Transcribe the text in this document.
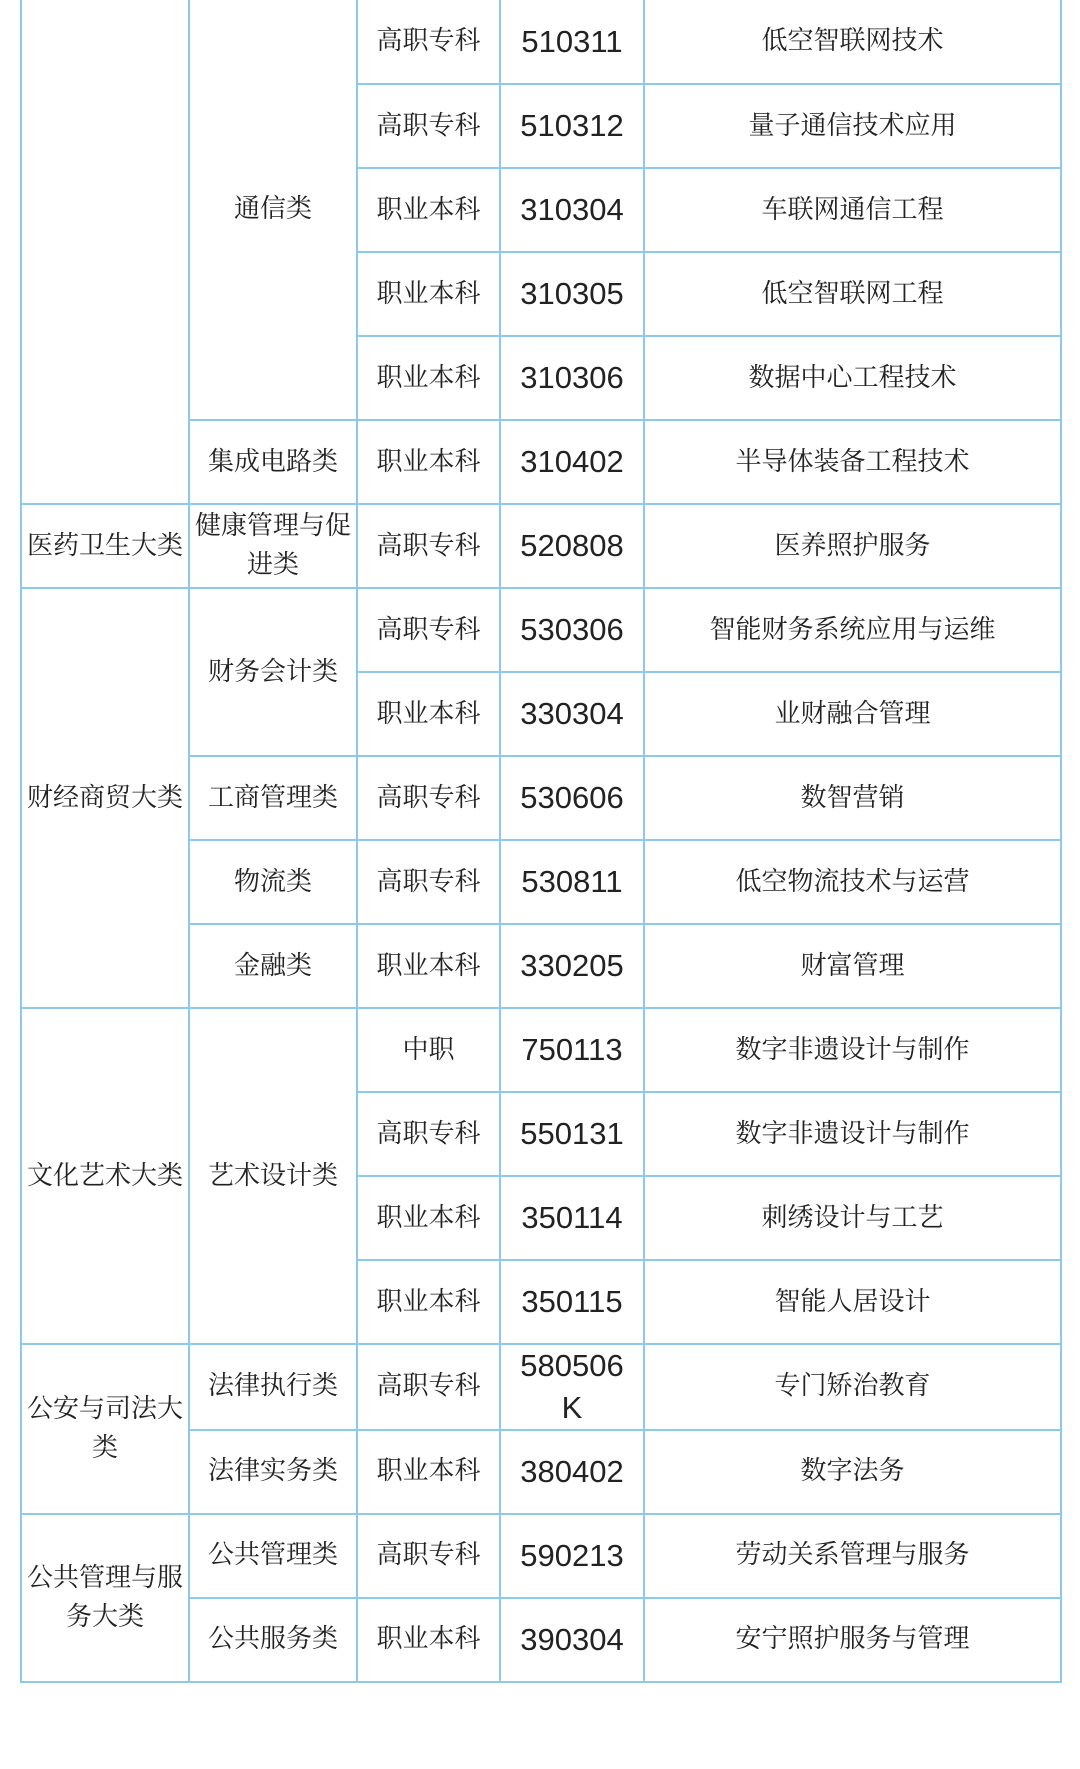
	通信类	高职专科	510311	低空智联网技术
		高职专科	510312	量子通信技术应用
		职业本科	310304	车联网通信工程
		职业本科	310305	低空智联网工程
		职业本科	310306	数据中心工程技术
	集成电路类	职业本科	310402	半导体装备工程技术
医药卫生大类	健康管理与促进类	高职专科	520808	医养照护服务
财经商贸大类	财务会计类	高职专科	530306	智能财务系统应用与运维
		职业本科	330304	业财融合管理
	工商管理类	高职专科	530606	数智营销
	物流类	高职专科	530811	低空物流技术与运营
	金融类	职业本科	330205	财富管理
文化艺术大类	艺术设计类	中职	750113	数字非遗设计与制作
		高职专科	550131	数字非遗设计与制作
		职业本科	350114	刺绣设计与工艺
		职业本科	350115	智能人居设计
公安与司法大类	法律执行类	高职专科	580506K	专门矫治教育
	法律实务类	职业本科	380402	数字法务
公共管理与服务大类	公共管理类	高职专科	590213	劳动关系管理与服务
	公共服务类	职业本科	390304	安宁照护服务与管理
